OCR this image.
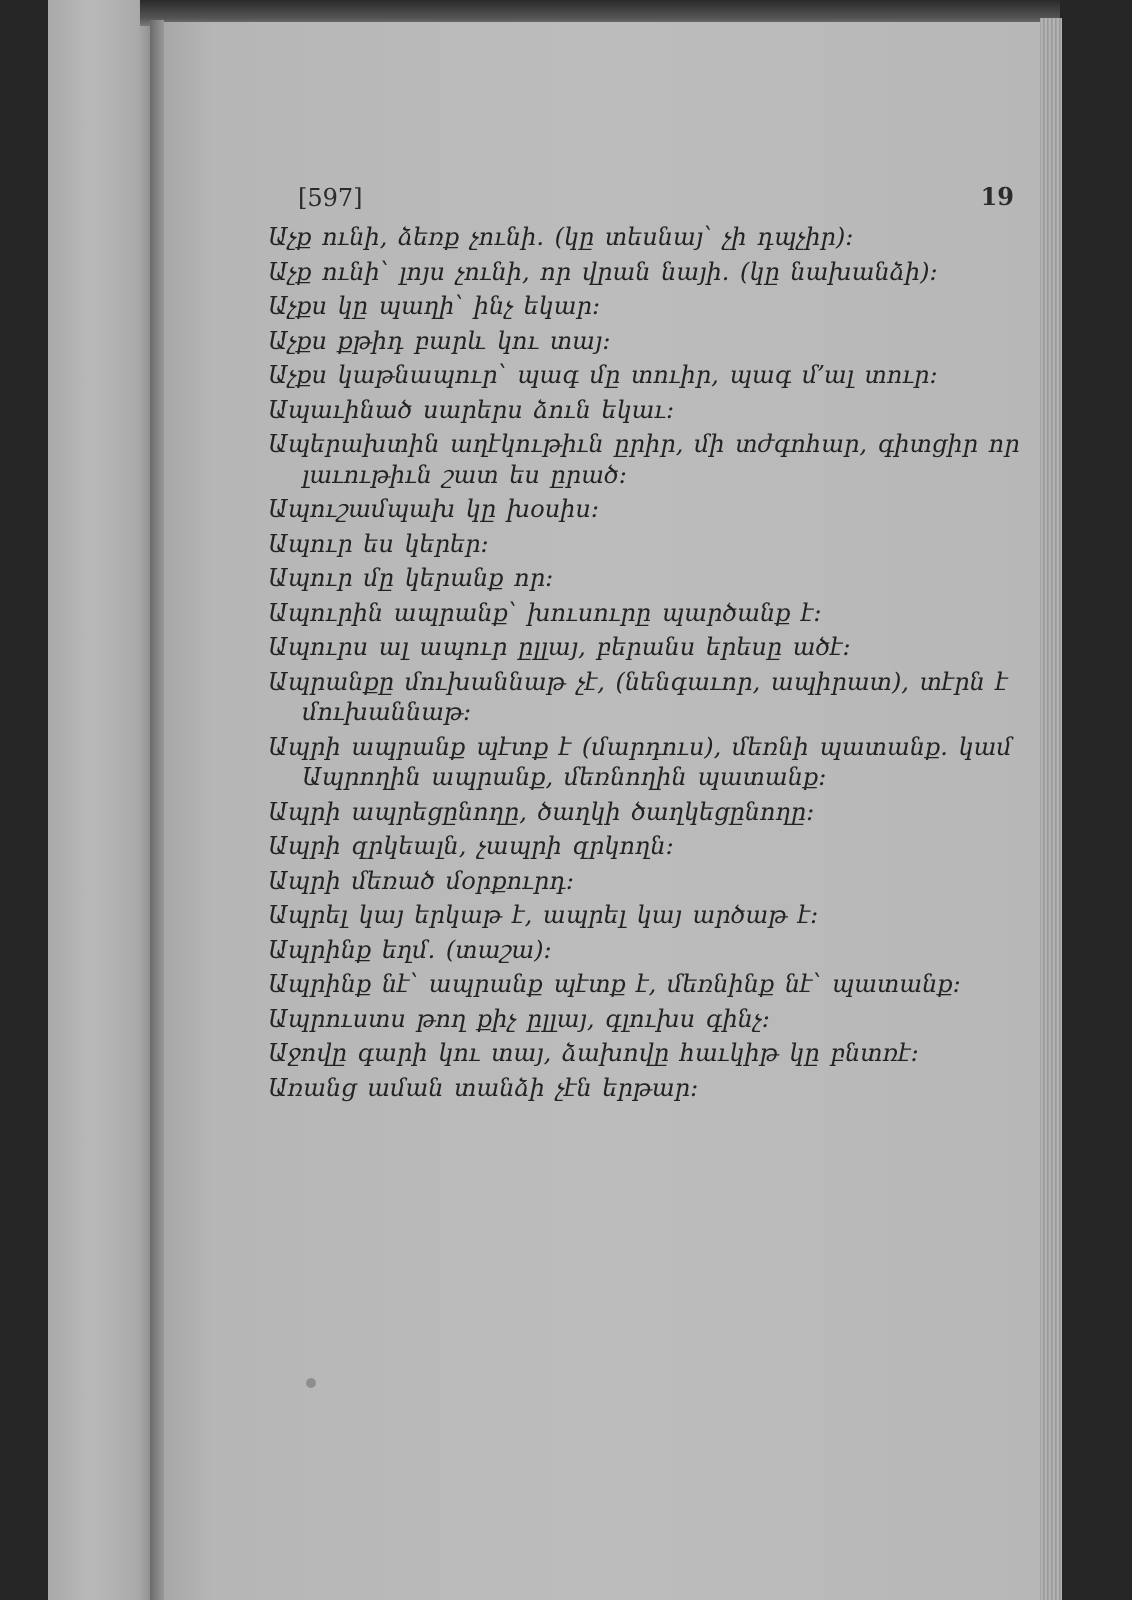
[597]	19

Աչք ունի, ձեռք չունի. (կը տեսնայ՝ չի դպչիր)։

Աչք ունի՝ լոյս չունի, որ վրան նայի. (կը նախանձի)։

Աչքս կը պաղի՝ ինչ եկար։

Աչքս քթիդ բարև կու տայ։

Աչքս կաթնապուր՝ պագ մը տուիր, պագ մ՚ալ տուր։

Ապաւինած սարերս ձուն եկաւ։

Ապերախտին աղէկութիւն ըրիր, մի տժգոհար, գիտցիր որ լաւութիւն շատ ես ըրած։

Ապուշամպախ կը խօսիս։

Ապուր ես կերեր։

Ապուր մը կերանք որ։

Ապուրին ապրանք՝ խուսուրը պարծանք է։

Ապուրս ալ ապուր ըլլայ, բերանս երեսը ածէ։

Ապրանքը մուխաննաթ չէ, (նենգաւոր, ապիրատ), տէրն է մուխաննաթ։

Ապրի ապրանք պէտք է (մարդուս), մեռնի պատանք. կամ Ապրողին ապրանք, մեռնողին պատանք։

Ապրի ապրեցընողը, ծաղկի ծաղկեցընողը։

Ապրի զրկեալն, չապրի զրկողն։

Ապրի մեռած մօրքուրդ։

Ապրել կայ երկաթ է, ապրել կայ արծաթ է։

Ապրինք եղմ. (տաշա)։

Ապրինք նէ՝ ապրանք պէտք է, մեռնինք նէ՝ պատանք։

Ապրուստս թող քիչ ըլլայ, գլուխս գինչ։

Աջովը գարի կու տայ, ձախովը հաւկիթ կը բնտռէ։

Առանց աման տանձի չէն երթար։
